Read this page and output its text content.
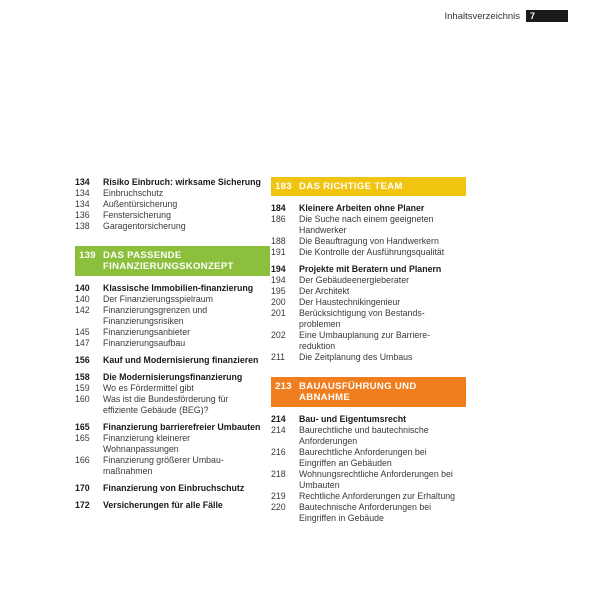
Inhaltsverzeichnis	7
134 Risiko Einbruch: wirksame Sicherung
134 Einbruchschutz
134 Außentürsicherung
136 Fenstersicherung
138 Garagentorsicherung
139 DAS PASSENDE FINANZIERUNGSKONZEPT
140 Klassische Immobilien-finanzierung
140 Der Finanzierungsspielraum
142 Finanzierungsgrenzen und Finanzierungsrisiken
145 Finanzierungsanbieter
147 Finanzierungsaufbau
156 Kauf und Modernisierung finanzieren
158 Die Modernisierungsfinanzierung
159 Wo es Fördermittel gibt
160 Was ist die Bundesförderung für effiziente Gebäude (BEG)?
165 Finanzierung barrierefreier Umbauten
165 Finanzierung kleinerer Wohnanpassungen
166 Finanzierung größerer Umbau-maßnahmen
170 Finanzierung von Einbruchschutz
172 Versicherungen für alle Fälle
183 DAS RICHTIGE TEAM
184 Kleinere Arbeiten ohne Planer
186 Die Suche nach einem geeigneten Handwerker
188 Die Beauftragung von Handwerkern
191 Die Kontrolle der Ausführungsqualität
194 Projekte mit Beratern und Planern
194 Der Gebäudeenergieberater
195 Der Architekt
200 Der Haustechnikingenieur
201 Berücksichtigung von Bestands-problemen
202 Eine Umbauplanung zur Barriere-reduktion
211 Die Zeitplanung des Umbaus
213 BAUAUSFÜHRUNG UND ABNAHME
214 Bau- und Eigentumsrecht
214 Baurechtliche und bautechnische Anforderungen
216 Baurechtliche Anforderungen bei Eingriffen an Gebäuden
218 Wohnungsrechtliche Anforderungen bei Umbauten
219 Rechtliche Anforderungen zur Erhaltung
220 Bautechnische Anforderungen bei Eingriffen in Gebäude
